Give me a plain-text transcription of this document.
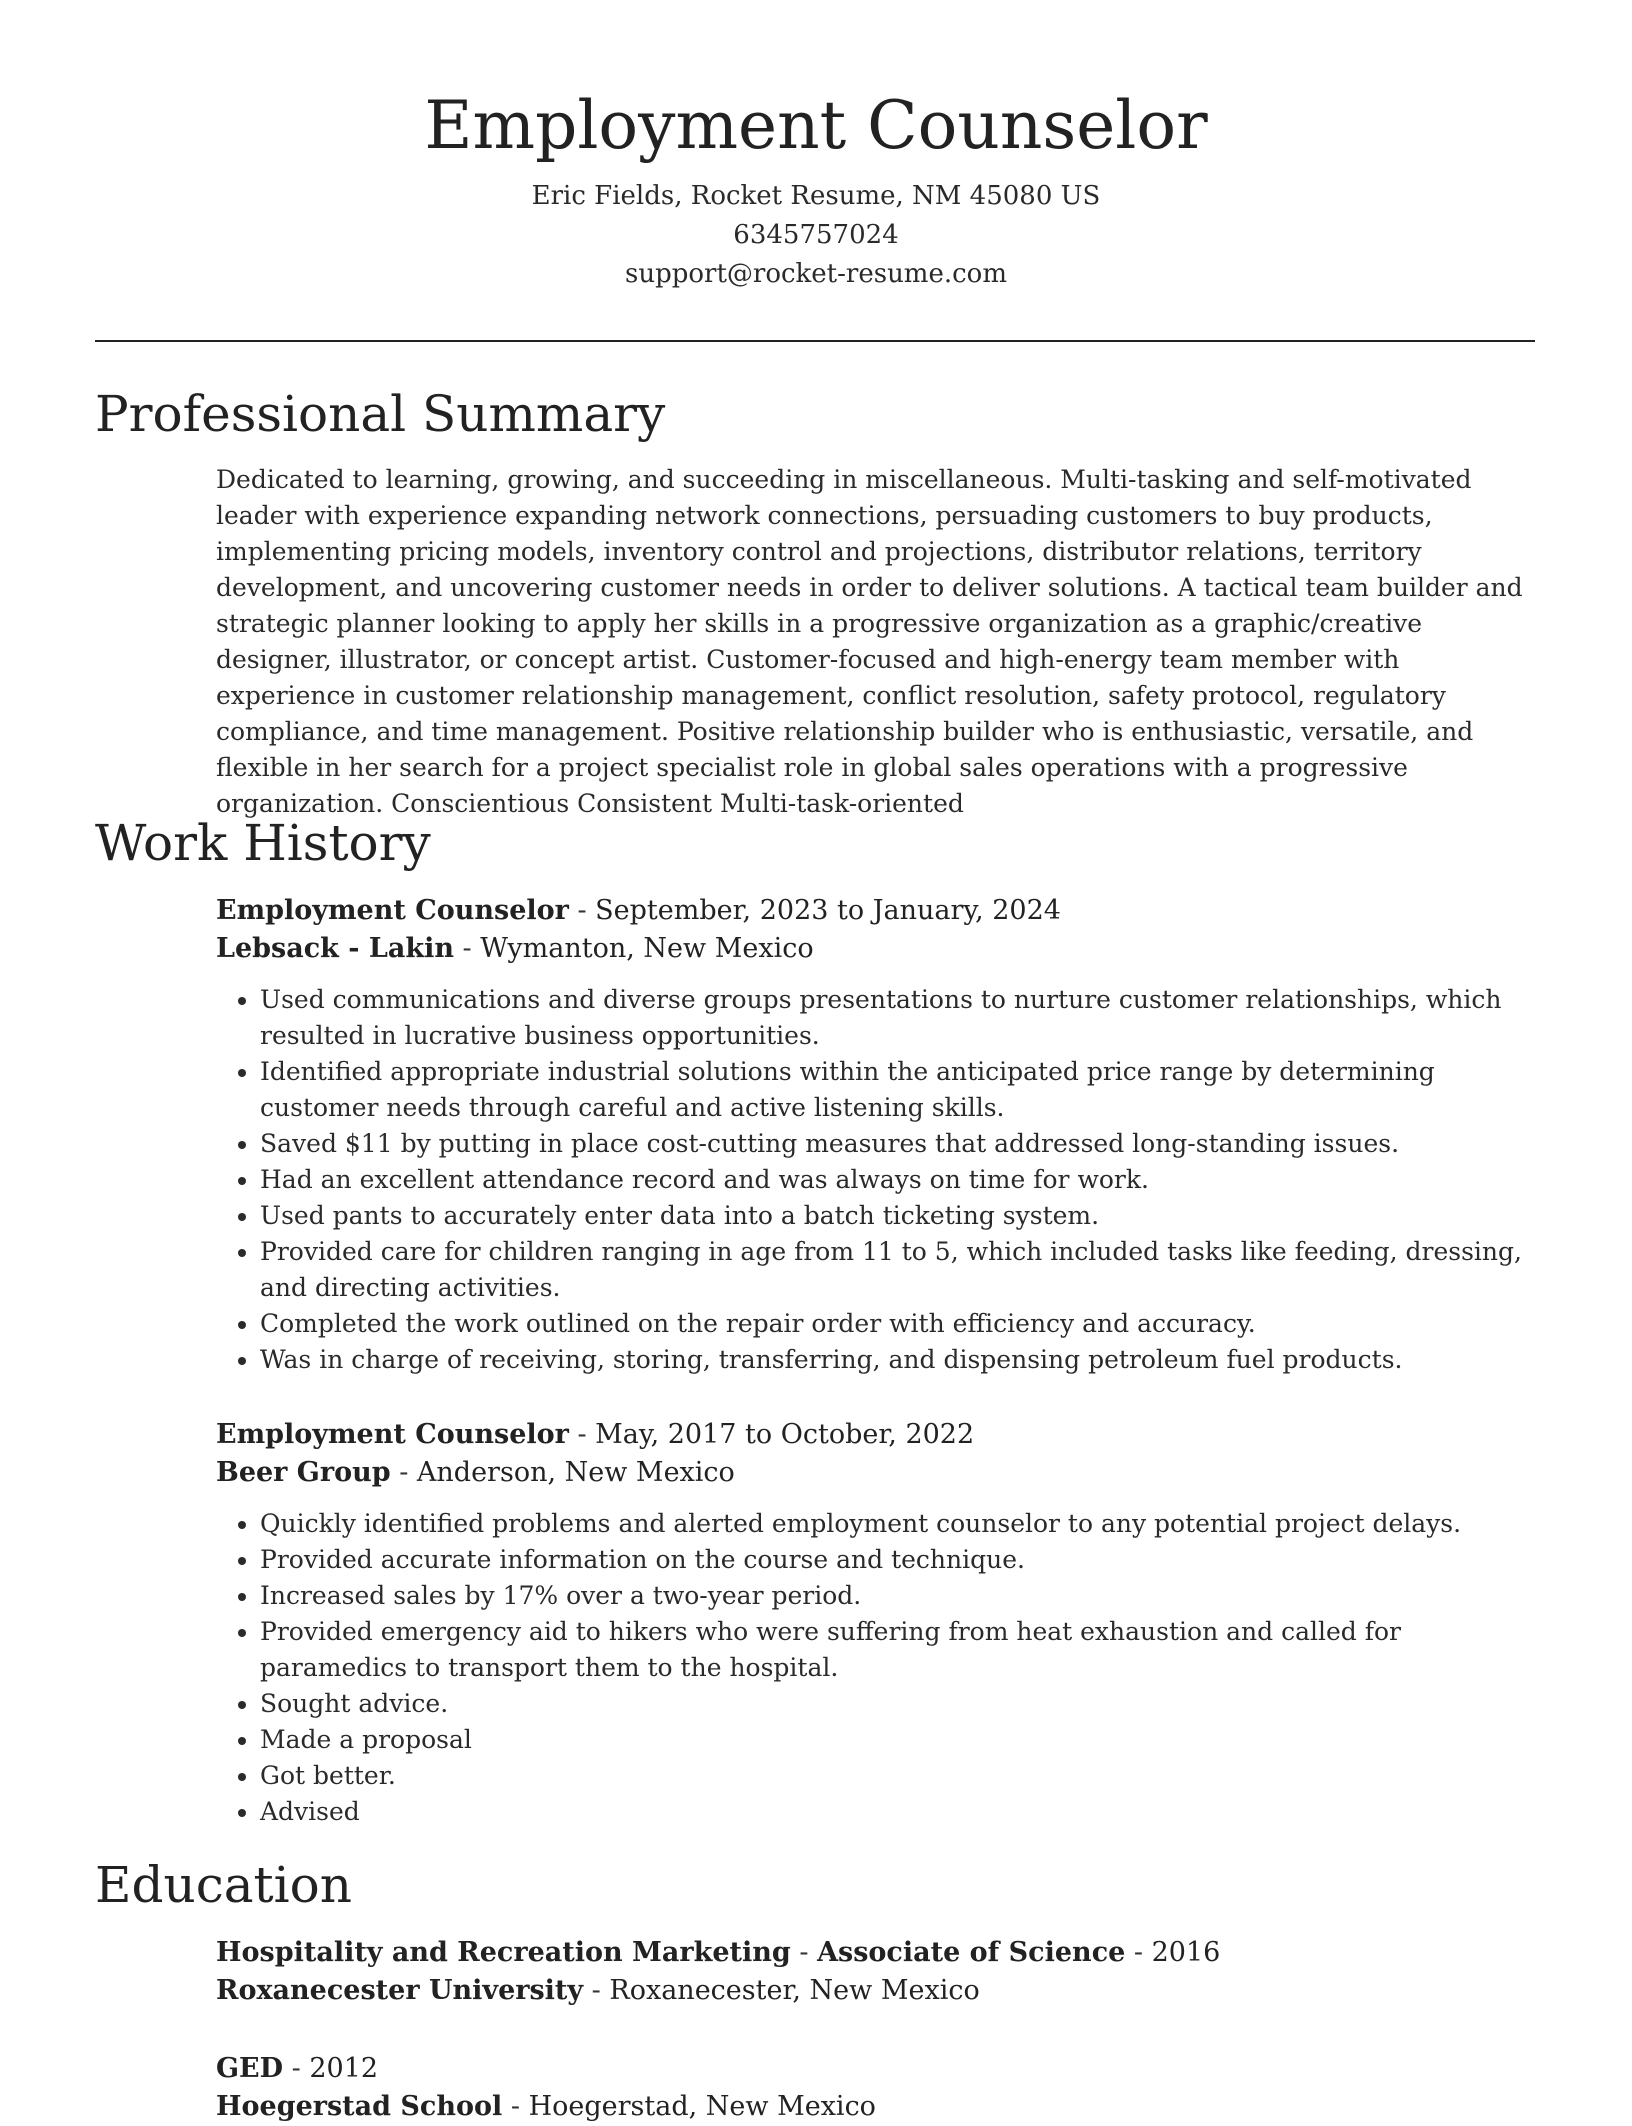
Employment Counselor
Eric Fields, Rocket Resume, NM 45080 US
6345757024
support@rocket-resume.com
Professional Summary

Dedicated to learning, growing, and succeeding in miscellaneous. Multi-tasking and self-motivated leader with experience expanding network connections, persuading customers to buy products, implementing pricing models, inventory control and projections, distributor relations, territory development, and uncovering customer needs in order to deliver solutions. A tactical team builder and strategic planner looking to apply her skills in a progressive organization as a graphic/creative designer, illustrator, or concept artist. Customer-focused and high-energy team member with experience in customer relationship management, conflict resolution, safety protocol, regulatory compliance, and time management. Positive relationship builder who is enthusiastic, versatile, and flexible in her search for a project specialist role in global sales operations with a progressive organization. Conscientious Consistent Multi-task-oriented

Work History
Employment Counselor - September, 2023 to January, 2024
Lebsack - Lakin - Wymanton, New Mexico
• Used communications and diverse groups presentations to nurture customer relationships, which resulted in lucrative business opportunities.
• Identified appropriate industrial solutions within the anticipated price range by determining customer needs through careful and active listening skills.
• Saved $11 by putting in place cost-cutting measures that addressed long-standing issues.
• Had an excellent attendance record and was always on time for work.
• Used pants to accurately enter data into a batch ticketing system.
• Provided care for children ranging in age from 11 to 5, which included tasks like feeding, dressing, and directing activities.
• Completed the work outlined on the repair order with efficiency and accuracy.
• Was in charge of receiving, storing, transferring, and dispensing petroleum fuel products.
Employment Counselor - May, 2017 to October, 2022
Beer Group - Anderson, New Mexico
• Quickly identified problems and alerted employment counselor to any potential project delays.
• Provided accurate information on the course and technique.
• Increased sales by 17% over a two-year period.
• Provided emergency aid to hikers who were suffering from heat exhaustion and called for paramedics to transport them to the hospital.
• Sought advice.
• Made a proposal
• Got better.
• Advised
Education
Hospitality and Recreation Marketing - Associate of Science - 2016
Roxanecester University - Roxanecester, New Mexico
GED - 2012
Hoegerstad School - Hoegerstad, New Mexico
